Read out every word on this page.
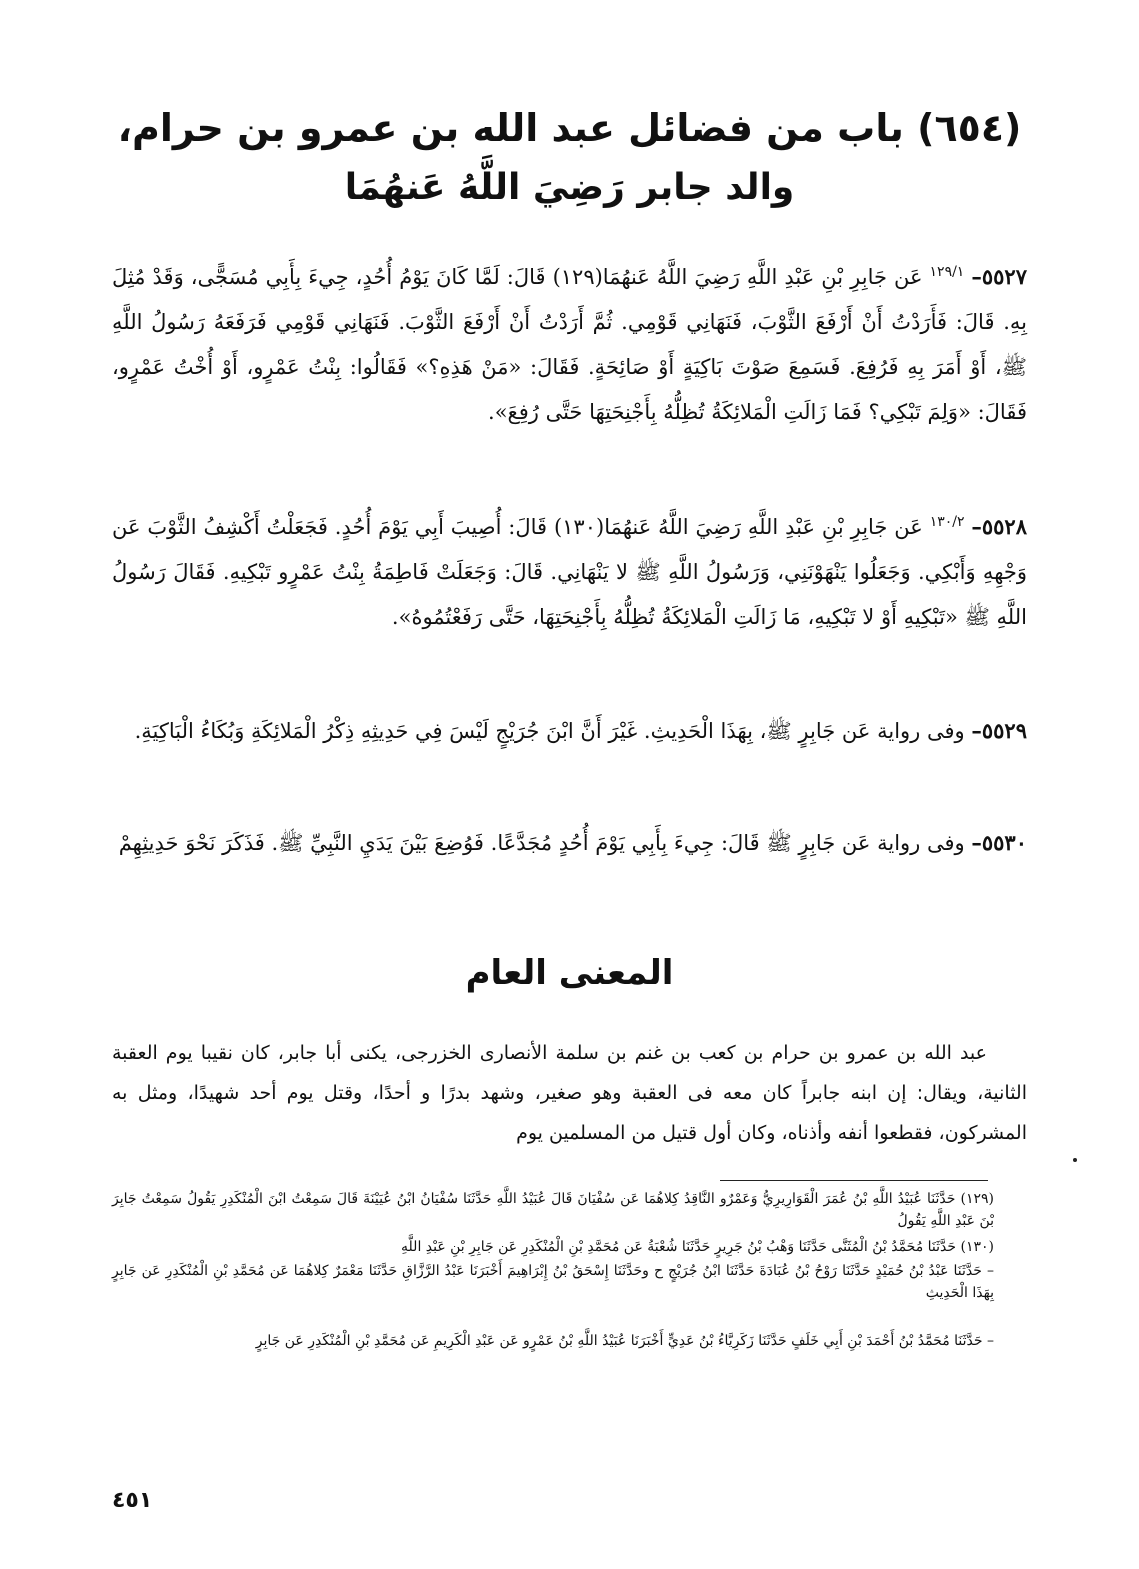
(٦٥٤) باب من فضائل عبد الله بن عمرو بن حرام،
والد جابر رَضِيَ اللَّهُ عَنهُمَا
٥٥٢٧– $^{١٢٩/١}$ عَن جَابِرِ بْنِ عَبْدِ اللَّهِ رَضِيَ اللَّهُ عَنهُمَا(١٢٩) قَالَ: لَمَّا كَانَ يَوْمُ أُحُدٍ، جِيءَ بِأَبِي مُسَجًّى، وَقَدْ مُثِلَ بِهِ. قَالَ: فَأَرَدْتُ أَنْ أَرْفَعَ الثَّوْبَ، فَنَهَانِي قَوْمِي. ثُمَّ أَرَدْتُ أَنْ أَرْفَعَ الثَّوْبَ. فَنَهَانِي قَوْمِي فَرَفَعَهُ رَسُولُ اللَّهِ ﷺ، أَوْ أَمَرَ بِهِ فَرُفِعَ. فَسَمِعَ صَوْتَ بَاكِيَةٍ أَوْ صَائِحَةٍ. فَقَالَ: «مَنْ هَذِهِ؟» فَقَالُوا: بِنْتُ عَمْرٍو، أَوْ أُخْتُ عَمْرٍو، فَقَالَ: «وَلِمَ تَبْكِي؟ فَمَا زَالَتِ الْمَلائِكَةُ تُظِلُّهُ بِأَجْنِحَتِهَا حَتَّى رُفِعَ».
٥٥٢٨– $^{١٣٠/٢}$ عَن جَابِرِ بْنِ عَبْدِ اللَّهِ رَضِيَ اللَّهُ عَنهُمَا(١٣٠) قَالَ: أُصِيبَ أَبِي يَوْمَ أُحُدٍ. فَجَعَلْتُ أَكْشِفُ الثَّوْبَ عَن وَجْهِهِ وَأَبْكِي. وَجَعَلُوا يَنْهَوْنَنِي، وَرَسُولُ اللَّهِ ﷺ لا يَنْهَانِي. قَالَ: وَجَعَلَتْ فَاطِمَةُ بِنْتُ عَمْرٍو تَبْكِيهِ. فَقَالَ رَسُولُ اللَّهِ ﷺ «تَبْكِيهِ أَوْ لا تَبْكِيهِ، مَا زَالَتِ الْمَلائِكَةُ تُظِلُّهُ بِأَجْنِحَتِهَا، حَتَّى رَفَعْتُمُوهُ».
٥٥٢٩– وفى رواية عَن جَابِرٍ ﷺ، بِهَذَا الْحَدِيثِ. غَيْرَ أَنَّ ابْنَ جُرَيْجٍ لَيْسَ فِي حَدِيثِهِ ذِكْرُ الْمَلائِكَةِ وَبُكَاءُ الْبَاكِيَةِ.
٥٥٣٠– وفى رواية عَن جَابِرٍ ﷺ قَالَ: جِيءَ بِأَبِي يَوْمَ أُحُدٍ مُجَدَّعًا. فَوُضِعَ بَيْنَ يَدَيِ النَّبِيِّ ﷺ. فَذَكَرَ نَحْوَ حَدِيثِهِمْ
المعنى العام
عبد الله بن عمرو بن حرام بن كعب بن غنم بن سلمة الأنصارى الخزرجى، يكنى أبا جابر، كان نقيبا يوم العقبة الثانية، ويقال: إن ابنه جابراً كان معه فى العقبة وهو صغير، وشهد بدرًا و أحدًا، وقتل يوم أحد شهيدًا، ومثل به المشركون، فقطعوا أنفه وأذناه، وكان أول قتيل من المسلمين يوم
(١٢٩) حَدَّثَنَا عُبَيْدُ اللَّهِ بْنُ عُمَرَ الْقَوَارِيرِيُّ وَعَمْرٌو النَّاقِدُ كِلاهُمَا عَن سُفْيَانَ قَالَ عُبَيْدُ اللَّهِ حَدَّثَنَا سُفْيَانُ ابْنُ عُيَيْنَةَ قَالَ سَمِعْتُ ابْنَ الْمُنْكَدِرِ يَقُولُ سَمِعْتُ جَابِرَ بْنَ عَبْدِ اللَّهِ يَقُولُ
(١٣٠) حَدَّثَنَا مُحَمَّدُ بْنُ الْمُثَنَّى حَدَّثَنَا وَهْبُ بْنُ جَرِيرٍ حَدَّثَنَا شُعْبَةُ عَن مُحَمَّدِ بْنِ الْمُنْكَدِرِ عَن جَابِرِ بْنِ عَبْدِ اللَّهِ
– حَدَّثَنَا عَبْدُ بْنُ حُمَيْدٍ حَدَّثَنَا رَوْحُ بْنُ عُبَادَةَ حَدَّثَنَا ابْنُ جُرَيْجٍ ح وحَدَّثَنَا إِسْحَقُ بْنُ إِبْرَاهِيمَ أَخْبَرَنَا عَبْدُ الرَّزَّاقِ حَدَّثَنَا مَعْمَرٌ كِلاهُمَا عَن مُحَمَّدِ بْنِ الْمُنْكَدِرِ عَن جَابِرٍ بِهَذَا الْحَدِيثِ
– حَدَّثَنَا مُحَمَّدُ بْنُ أَحْمَدَ بْنِ أَبِي خَلَفٍ حَدَّثَنَا زَكَرِيَّاءُ بْنُ عَدِيٍّ أَخْبَرَنَا عُبَيْدُ اللَّهِ بْنُ عَمْرٍو عَن عَبْدِ الْكَرِيمِ عَن مُحَمَّدِ بْنِ الْمُنْكَدِرِ عَن جَابِرٍ
٤٥١
